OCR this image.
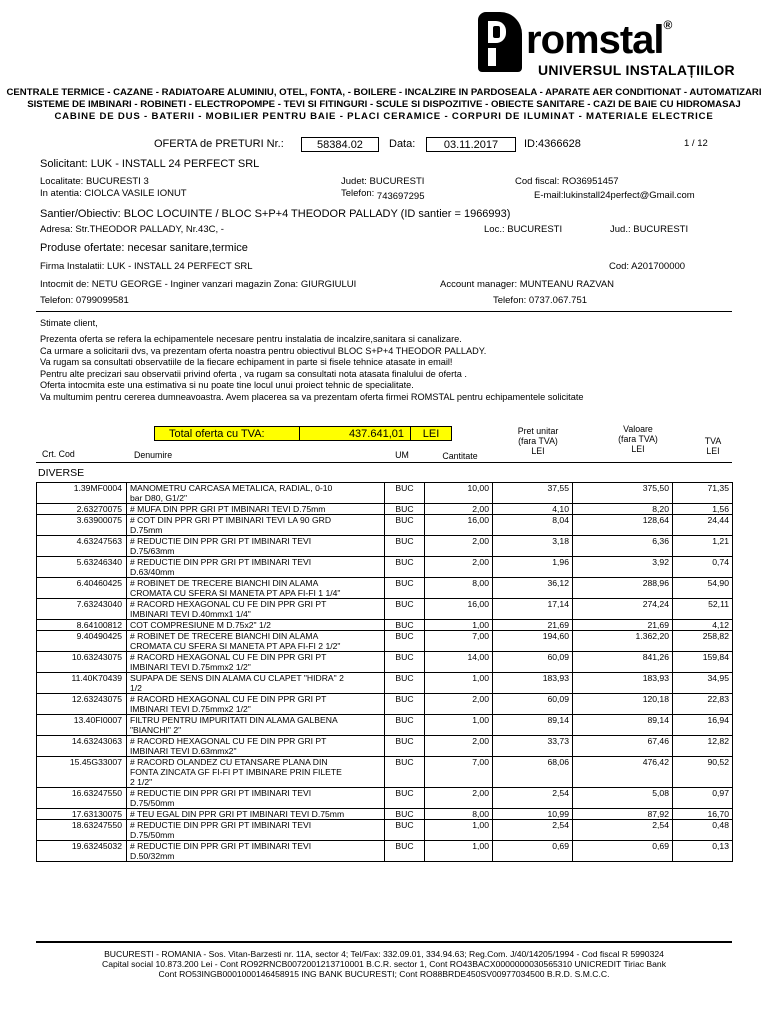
romstal®
UNIVERSUL INSTALAȚIILOR
CENTRALE TERMICE - CAZANE - RADIATOARE ALUMINIU, OTEL, FONTA, - BOILERE - INCALZIRE IN PARDOSEALA - APARATE AER CONDITIONAT - AUTOMATIZARI
SISTEME DE IMBINARI - ROBINETI - ELECTROPOMPE - TEVI SI FITINGURI - SCULE SI DISPOZITIVE - OBIECTE SANITARE - CAZI DE BAIE CU HIDROMASAJ
CABINE DE DUS - BATERII - MOBILIER PENTRU BAIE - PLACI CERAMICE - CORPURI DE ILUMINAT - MATERIALE ELECTRICE
OFERTA de PRETURI Nr.:	58384.02	Data:	03.11.2017	ID:4366628	1 / 12
Solicitant: LUK - INSTALL 24 PERFECT SRL
Localitate: BUCURESTI 3	Judet: BUCURESTI	Cod fiscal: RO36951457
In atentia: CIOLCA VASILE IONUT	Telefon: 743697295	E-mail:lukinstall24perfect@Gmail.com
Santier/Obiectiv: BLOC LOCUINTE / BLOC S+P+4 THEODOR PALLADY (ID santier = 1966993)
Adresa: Str.THEODOR PALLADY, Nr.43C, -	Loc.: BUCURESTI	Jud.: BUCURESTI
Produse ofertate: necesar sanitare,termice
Firma Instalatii: LUK - INSTALL 24 PERFECT SRL	Cod: A201700000
Intocmit de: NETU GEORGE - Inginer vanzari magazin Zona: GIURGIULUI	Account manager: MUNTEANU RAZVAN
Telefon: 0799099581	Telefon: 0737.067.751
Stimate client,
Prezenta oferta se refera la echipamentele necesare pentru instalatia de incalzire,sanitara si canalizare.
Ca urmare a solicitarii dvs, va prezentam oferta noastra pentru obiectivul BLOC S+P+4 THEODOR PALLADY.
Va rugam sa consultati observatiile de la fiecare echipament in parte si fisele tehnice atasate in email!
Pentru alte precizari sau observatii privind oferta , va rugam sa consultati nota atasata finalului de oferta .
Oferta intocmita este una estimativa si nu poate tine locul unui proiect tehnic de specialitate.
Va multumim pentru cererea dumneavoastra. Avem placerea sa va prezentam oferta firmei ROMSTAL pentru echipamentele solicitate
Total oferta cu TVA:	437.641,01	LEI
Crt. Cod	Denumire	UM	Cantitate
Pret unitar
(fara TVA)
LEI
Valoare
(fara TVA)
LEI
TVA
LEI
DIVERSE
1.39MF0004	MANOMETRU CARCASA METALICA, RADIAL, 0-10
bar D80, G1/2"	BUC	10,00	37,55	375,50	71,35
2.63270075	# MUFA DIN PPR GRI PT IMBINARI TEVI D.75mm	BUC	2,00	4,10	8,20	1,56
3.63900075	# COT DIN PPR GRI PT IMBINARI TEVI LA 90 GRD
D.75mm	BUC	16,00	8,04	128,64	24,44
4.63247563	# REDUCTIE DIN PPR GRI PT IMBINARI TEVI
D.75/63mm	BUC	2,00	3,18	6,36	1,21
5.63246340	# REDUCTIE DIN PPR GRI PT IMBINARI TEVI
D.63/40mm	BUC	2,00	1,96	3,92	0,74
6.40460425	# ROBINET DE TRECERE BIANCHI DIN ALAMA
CROMATA CU SFERA SI MANETA PT APA FI-FI 1 1/4"	BUC	8,00	36,12	288,96	54,90
7.63243040	# RACORD HEXAGONAL CU FE DIN PPR GRI PT
IMBINARI TEVI D.40mmx1 1/4"	BUC	16,00	17,14	274,24	52,11
8.64100812	COT COMPRESIUNE M D.75x2" 1/2	BUC	1,00	21,69	21,69	4,12
9.40490425	# ROBINET DE TRECERE BIANCHI DIN ALAMA
CROMATA CU SFERA SI MANETA PT APA FI-FI 2 1/2"	BUC	7,00	194,60	1.362,20	258,82
10.63243075	# RACORD HEXAGONAL CU FE DIN PPR GRI PT
IMBINARI TEVI D.75mmx2 1/2"	BUC	14,00	60,09	841,26	159,84
11.40K70439	SUPAPA DE SENS DIN ALAMA CU CLAPET "HIDRA" 2
1/2	BUC	1,00	183,93	183,93	34,95
12.63243075	# RACORD HEXAGONAL CU FE DIN PPR GRI PT
IMBINARI TEVI D.75mmx2 1/2"	BUC	2,00	60,09	120,18	22,83
13.40FI0007	FILTRU PENTRU IMPURITATI DIN ALAMA GALBENA
"BIANCHI" 2"	BUC	1,00	89,14	89,14	16,94
14.63243063	# RACORD HEXAGONAL CU FE DIN PPR GRI PT
IMBINARI TEVI D.63mmx2"	BUC	2,00	33,73	67,46	12,82
15.45G33007	# RACORD OLANDEZ CU ETANSARE PLANA DIN
FONTA ZINCATA GF FI-FI PT IMBINARE PRIN FILETE
2 1/2"	BUC	7,00	68,06	476,42	90,52
16.63247550	# REDUCTIE DIN PPR GRI PT IMBINARI TEVI
D.75/50mm	BUC	2,00	2,54	5,08	0,97
17.63130075	# TEU EGAL DIN PPR GRI PT IMBINARI TEVI D.75mm	BUC	8,00	10,99	87,92	16,70
18.63247550	# REDUCTIE DIN PPR GRI PT IMBINARI TEVI
D.75/50mm	BUC	1,00	2,54	2,54	0,48
19.63245032	# REDUCTIE DIN PPR GRI PT IMBINARI TEVI
D.50/32mm	BUC	1,00	0,69	0,69	0,13
BUCURESTI - ROMANIA - Sos. Vitan-Barzesti nr. 11A, sector 4; Tel/Fax: 332.09.01, 334.94.63; Reg.Com. J/40/14205/1994 - Cod fiscal R 5990324
Capital social 10.873.200 Lei - Cont RO92RNCB0072001213710001 B.C.R. sector 1, Cont RO43BACX0000000030565310 UNICREDIT Tiriac Bank
Cont RO53INGB0001000146458915 ING BANK BUCURESTI; Cont RO88BRDE450SV00977034500 B.R.D. S.M.C.C.
